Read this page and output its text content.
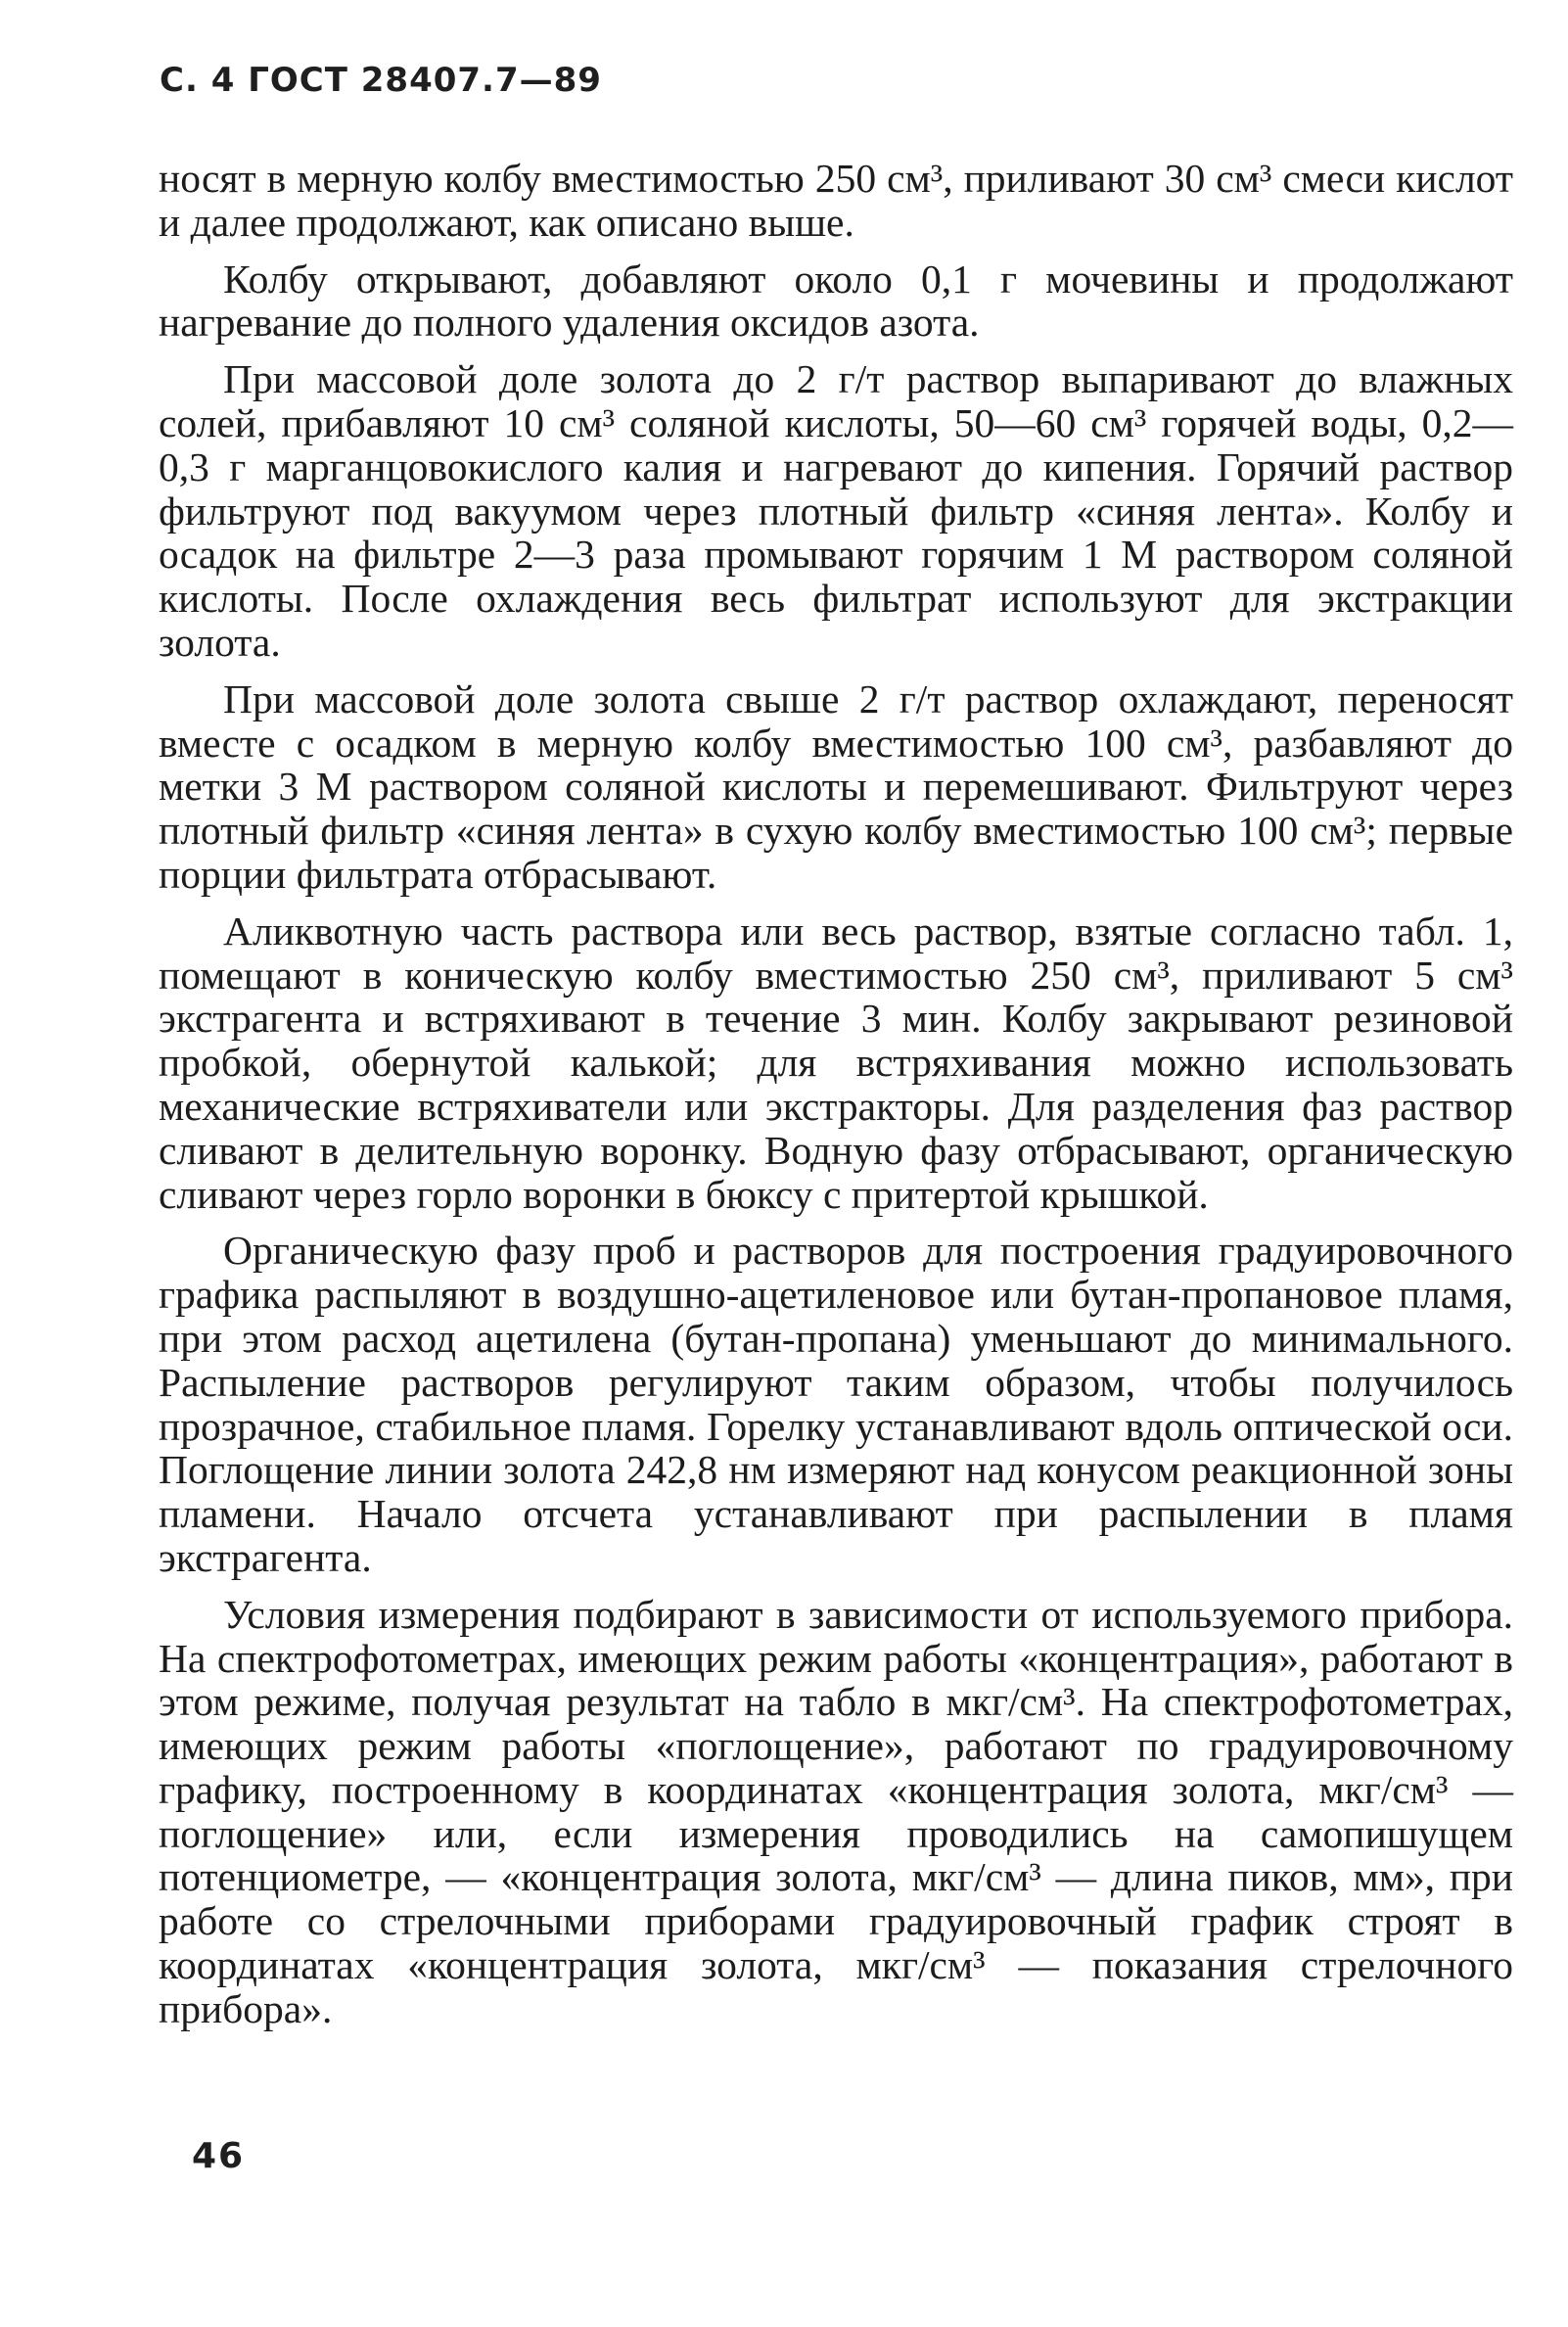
С. 4 ГОСТ 28407.7—89

носят в мерную колбу вместимостью 250 см³, приливают 30 см³ смеси кислот и далее продолжают, как описано выше.

Колбу открывают, добавляют около 0,1 г мочевины и продолжают нагревание до полного удаления оксидов азота.

При массовой доле золота до 2 г/т раствор выпаривают до влажных солей, прибавляют 10 см³ соляной кислоты, 50—60 см³ горячей воды, 0,2—0,3 г марганцовокислого калия и нагревают до кипения. Горячий раствор фильтруют под вакуумом через плотный фильтр «синяя лента». Колбу и осадок на фильтре 2—3 раза промывают горячим 1 М раствором соляной кислоты. После охлаждения весь фильтрат используют для экстракции золота.

При массовой доле золота свыше 2 г/т раствор охлаждают, переносят вместе с осадком в мерную колбу вместимостью 100 см³, разбавляют до метки 3 М раствором соляной кислоты и перемешивают. Фильтруют через плотный фильтр «синяя лента» в сухую колбу вместимостью 100 см³; первые порции фильтрата отбрасывают.

Аликвотную часть раствора или весь раствор, взятые согласно табл. 1, помещают в коническую колбу вместимостью 250 см³, приливают 5 см³ экстрагента и встряхивают в течение 3 мин. Колбу закрывают резиновой пробкой, обернутой калькой; для встряхивания можно использовать механические встряхиватели или экстракторы. Для разделения фаз раствор сливают в делительную воронку. Водную фазу отбрасывают, органическую сливают через горло воронки в бюксу с притертой крышкой.

Органическую фазу проб и растворов для построения градуировочного графика распыляют в воздушно-ацетиленовое или бутан-пропановое пламя, при этом расход ацетилена (бутан-пропана) уменьшают до минимального. Распыление растворов регулируют таким образом, чтобы получилось прозрачное, стабильное пламя. Горелку устанавливают вдоль оптической оси. Поглощение линии золота 242,8 нм измеряют над конусом реакционной зоны пламени. Начало отсчета устанавливают при распылении в пламя экстрагента.

Условия измерения подбирают в зависимости от используемого прибора. На спектрофотометрах, имеющих режим работы «концентрация», работают в этом режиме, получая результат на табло в мкг/см³. На спектрофотометрах, имеющих режим работы «поглощение», работают по градуировочному графику, построенному в координатах «концентрация золота, мкг/см³ — поглощение» или, если измерения проводились на самопишущем потенциометре, — «концентрация золота, мкг/см³ — длина пиков, мм», при работе со стрелочными приборами градуировочный график строят в координатах «концентрация золота, мкг/см³ — показания стрелочного прибора».

46
